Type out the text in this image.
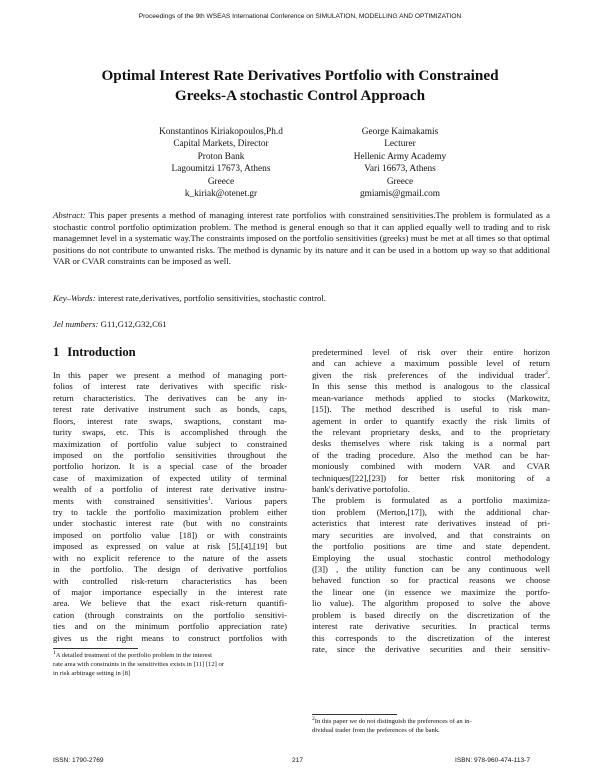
Proceedings of the 9th WSEAS International Conference on SIMULATION, MODELLING AND OPTIMIZATION
Optimal Interest Rate Derivatives Portfolio with Constrained
Greeks-A stochastic Control Approach
Konstantinos Kiriakopoulos,Ph.d
Capital Markets, Director
Proton Bank
Lagoumitzi 17673, Athens
Greece
k_kiriak@otenet.gr
George Kaimakamis
Lecturer
Hellenic Army Academy
Vari 16673, Athens
Greece
gmiamis@gmail.com
Abstract: This paper presents a method of managing interest rate portfolios with constrained sensitivities.The problem is formulated as a stochastic control portfolio optimization problem. The method is general enough so that it can applied equally well to trading and to risk managemnet level in a systematic way.The constraints imposed on the portfolio sensitivities (greeks) must be met at all times so that optimal positions do not contribute to unwanted risks. The method is dynamic by its nature and it can be used in a bottom up way so that additional VAR or CVAR constraints can be imposed as well.
Key–Words: interest rate,derivatives, portfolio sensitivities, stochastic control.
Jel numbers: G11,G12,G32,C61
1 Introduction
In this paper we present a method of managing port-
folios of interest rate derivatives with specific risk-
return characteristics. The derivatives can be any in-
terest rate derivative instrument such as bonds, caps,
floors, interest rate swaps, swaptions, constant ma-
turity swaps, etc. This is accomplished through the
maximization of portfolio value subject to constrained
imposed on the portfolio sensitivities throughout the
portfolio horizon. It is a special case of the broader
case of maximization of expected utility of terminal
wealth of a portfolio of interest rate derivative instru-
ments with constrained sensitivities$^1$. Various papers
try to tackle the portfolio maximization problem either
under stochastic interest rate (but with no constraints
imposed on portfolio value [18]) or with constraints
imposed as expressed on value at risk [5],[4],[19] but
with no explicit reference to the nature of the assets
in the portfolio. The design of derivative portfolios
with controlled risk-return characteristics has been
of major importance especially in the interest rate
area. We believe that the exact risk-return quantifi-
cation (through constraints on the portfolio sensitivi-
ties and on the minimum portfolio appreciation rate)
gives us the right means to construct portfolios with
predetermined level of risk over their entire horizon
and can achieve a maximum possible level of return
given the risk preferences of the individual trader$^2$.
In this sense this method is analogous to the classical
mean-variance methods applied to stocks (Markowitz,
[15]). The method described is useful to risk man-
agement in order to quantify exactly the risk limits of
the relevant proprietary desks, and to the proprietary
desks themselves where risk taking is a normal part
of the trading procedure. Also the method can be har-
moniously combined with modern VAR and CVAR
techniques([22],[23]) for better risk monitoring of a
bank's derivative portofolio.
The problem is formulated as a portfolio maximiza-
tion problem (Merton,[17]), with the additional char-
acteristics that interest rate derivatives instead of pri-
mary securities are involved, and that constraints on
the portfolio positions are time and state dependent.
Employing the usual stochastic control methodology
([3]) , the utility function can be any continuous well
behaved function so for practical reasons we choose
the linear one (in essence we maximize the portfo-
lio value). The algorithm proposed to solve the above
problem is based directly on the discretization of the
interest rate derivative securities. In practical terms
this corresponds to the discretization of the interest
rate, since the derivative securities and their sensitiv-
$^1$A detailed treatment of the portfolio problem in the interest
rate area with constraints in the sensitivities exists in [11] [12] or
in risk arbitrage setting in [8]
$^2$In this paper we do not distinguish the preferences of an in-
dividual trader from the preferences of the bank.
ISSN: 1790-2769	217	ISBN: 978-960-474-113-7
